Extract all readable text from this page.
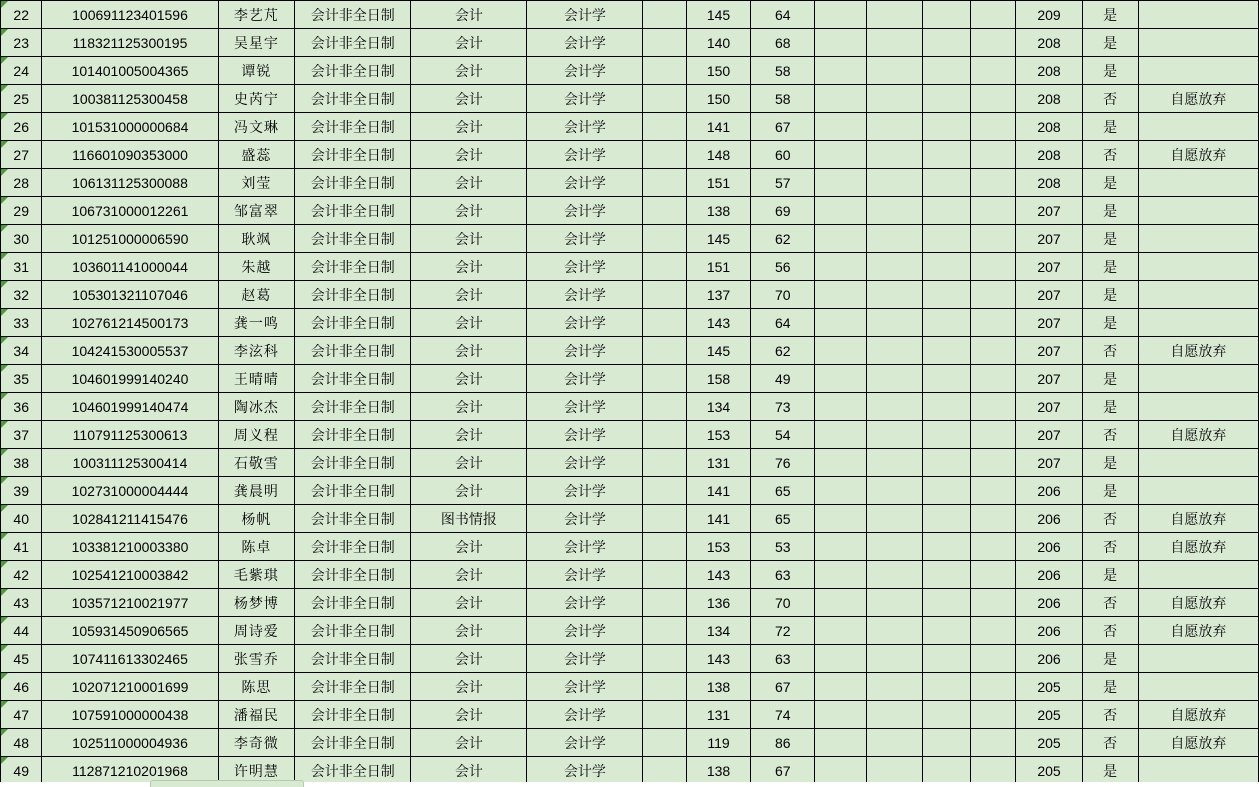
22	100691123401596	李艺芃	会计非全日制	会计	会计学		145	64					209	是	
23	118321125300195	吴星宇	会计非全日制	会计	会计学		140	68					208	是	
24	101401005004365	谭锐	会计非全日制	会计	会计学		150	58					208	是	
25	100381125300458	史芮宁	会计非全日制	会计	会计学		150	58					208	否	自愿放弃
26	101531000000684	冯文琳	会计非全日制	会计	会计学		141	67					208	是	
27	116601090353000	盛蕊	会计非全日制	会计	会计学		148	60					208	否	自愿放弃
28	106131125300088	刘莹	会计非全日制	会计	会计学		151	57					208	是	
29	106731000012261	邹富翠	会计非全日制	会计	会计学		138	69					207	是	
30	101251000006590	耿飒	会计非全日制	会计	会计学		145	62					207	是	
31	103601141000044	朱越	会计非全日制	会计	会计学		151	56					207	是	
32	105301321107046	赵葛	会计非全日制	会计	会计学		137	70					207	是	
33	102761214500173	龚一鸣	会计非全日制	会计	会计学		143	64					207	是	
34	104241530005537	李泫科	会计非全日制	会计	会计学		145	62					207	否	自愿放弃
35	104601999140240	王晴晴	会计非全日制	会计	会计学		158	49					207	是	
36	104601999140474	陶冰杰	会计非全日制	会计	会计学		134	73					207	是	
37	110791125300613	周义程	会计非全日制	会计	会计学		153	54					207	否	自愿放弃
38	100311125300414	石敬雪	会计非全日制	会计	会计学		131	76					207	是	
39	102731000004444	龚晨明	会计非全日制	会计	会计学		141	65					206	是	
40	102841211415476	杨帆	会计非全日制	图书情报	会计学		141	65					206	否	自愿放弃
41	103381210003380	陈卓	会计非全日制	会计	会计学		153	53					206	否	自愿放弃
42	102541210003842	毛紫琪	会计非全日制	会计	会计学		143	63					206	是	
43	103571210021977	杨梦博	会计非全日制	会计	会计学		136	70					206	否	自愿放弃
44	105931450906565	周诗爱	会计非全日制	会计	会计学		134	72					206	否	自愿放弃
45	107411613302465	张雪乔	会计非全日制	会计	会计学		143	63					206	是	
46	102071210001699	陈思	会计非全日制	会计	会计学		138	67					205	是	
47	107591000000438	潘福民	会计非全日制	会计	会计学		131	74					205	否	自愿放弃
48	102511000004936	李奇微	会计非全日制	会计	会计学		119	86					205	否	自愿放弃
49	112871210201968	许明慧	会计非全日制	会计	会计学		138	67					205	是	
